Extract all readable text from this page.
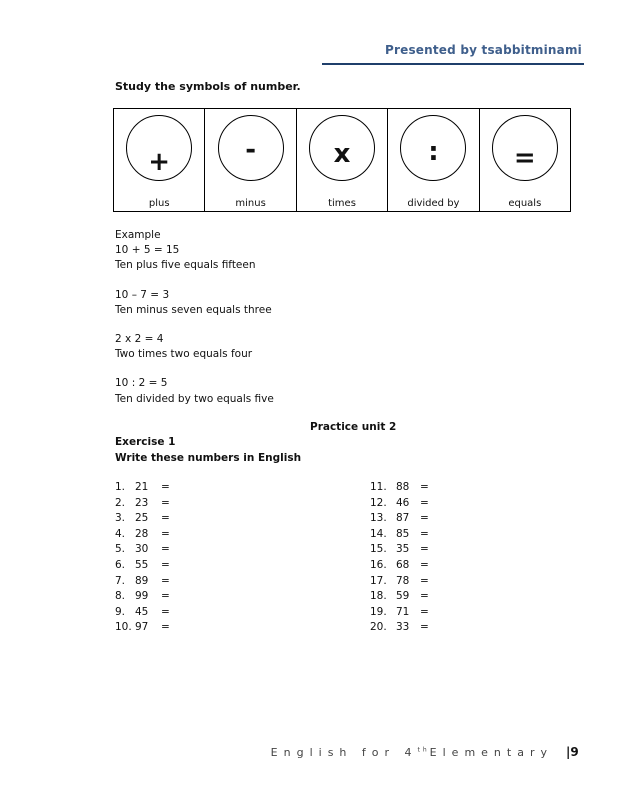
Presented by tsabbitminami
Study the symbols of number.
+
plus
-
minus
x
times
:
divided by
=
equals
Example
10 + 5 = 15
Ten plus five equals fifteen
10 – 7 = 3
Ten minus seven equals three
2 x 2 = 4
Two times two equals four
10 : 2 = 5
Ten divided by two equals five
Practice unit 2
Exercise 1
Write these numbers in English
1. 21 =
2. 23 =
3. 25 =
4. 28 =
5. 30 =
6. 55 =
7. 89 =
8. 99 =
9. 45 =
10. 97 =
11. 88 =
12. 46 =
13. 87 =
14. 85 =
15. 35 =
16. 68 =
17. 78 =
18. 59 =
19. 71 =
20. 33 =
English for 4thElementary |9
